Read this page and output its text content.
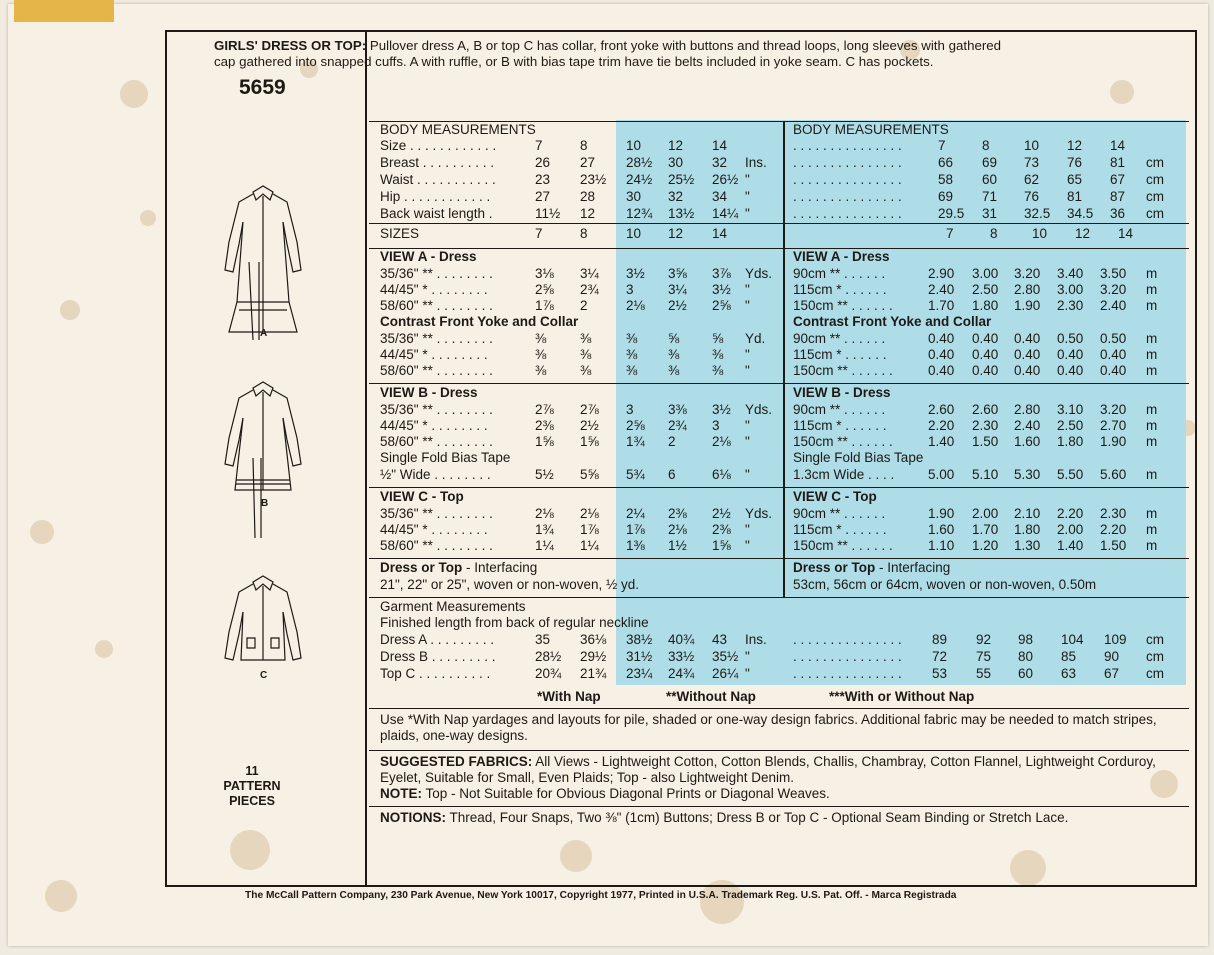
5659
A
B
C
11
PATTERN
PIECES
GIRLS' DRESS OR TOP: Pullover dress A, B or top C has collar, front yoke with buttons and thread loops, long sleeves with gathered cap gathered into snapped cuffs. A with ruffle, or B with bias tape trim have tie belts included in yoke seam. C has pockets.
BODY MEASUREMENTS	BODY MEASUREMENTS
Size . . . . . . . . . . . .	7	8	10 12 14
Breast . . . . . . . . . .	26 27 28½ 30 32 Ins.
Waist . . . . . . . . . . .	23 23½ 24½ 25½ 26½ "
Hip . . . . . . . . . . . .	27 28 30 32 34 "
Back waist length .	11½ 12 12¾ 13½ 14¼ "
. . . . . . . . . . . . . . .	7	8	10 12 14
. . . . . . . . . . . . . . .	66 69 73 76 81 cm
. . . . . . . . . . . . . . .	58 60 62 65 67 cm
. . . . . . . . . . . . . . .	69 71 76 81 87 cm
. . . . . . . . . . . . . . .	29.5 31 32.5 34.5 36 cm
SIZES	7	7
8	8
10	10
12	12
14	14
VIEW A - Dress	VIEW A - Dress
35/36" ** . . . . . . . .	3⅛ 3¼ 3½ 3⅝ 3⅞ Yds. 90cm ** . . . . . .	2.90 3.00 3.20 3.40 3.50 m
44/45" * . . . . . . . .	2⅝ 2¾ 3	3¼ 3½ "	115cm * . . . . . .	2.40 2.50 2.80 3.00 3.20 m
58/60" ** . . . . . . . .	1⅞ 2	2⅛ 2½ 2⅝ "	150cm ** . . . . . .	1.70 1.80 1.90 2.30 2.40 m
Contrast Front Yoke and Collar	Contrast Front Yoke and Collar
35/36" ** . . . . . . . .	⅜ ⅜	⅜ ⅝ ⅝ Yd. 90cm ** . . . . . .	0.40 0.40 0.40 0.50 0.50 m
44/45" * . . . . . . . .	⅜ ⅜	⅜ ⅜ ⅜ "	115cm * . . . . . .	0.40 0.40 0.40 0.40 0.40 m
58/60" ** . . . . . . . .	⅜ ⅜	⅜ ⅜ ⅜ "	150cm ** . . . . . .	0.40 0.40 0.40 0.40 0.40 m
VIEW B - Dress	VIEW B - Dress
35/36" ** . . . . . . . .	2⅞ 2⅞ 3	3⅜ 3½ Yds. 90cm ** . . . . . .	2.60 2.60 2.80 3.10 3.20 m
44/45" * . . . . . . . .	2⅜ 2½ 2⅝ 2¾ 3 "	115cm * . . . . . .	2.20 2.30 2.40 2.50 2.70 m
58/60" ** . . . . . . . .	1⅝ 1⅝ 1¾ 2	2⅛ "	150cm ** . . . . . .	1.40 1.50 1.60 1.80 1.90 m
Single Fold Bias Tape	Single Fold Bias Tape
½" Wide . . . . . . . .	5½ 5⅝ 5¾ 6	6⅛ "	1.3cm Wide . . . . 5.00 5.10 5.30 5.50 5.60 m
VIEW C - Top	VIEW C - Top
35/36" ** . . . . . . . .	2⅛ 2⅛ 2¼ 2⅜ 2½ Yds. 90cm ** . . . . . .	1.90 2.00 2.10 2.20 2.30 m
44/45" * . . . . . . . .	1¾ 1⅞ 1⅞ 2⅛ 2⅜ "	115cm * . . . . . .	1.60 1.70 1.80 2.00 2.20 m
58/60" ** . . . . . . . .	1¼ 1¼ 1⅜ 1½ 1⅝ "	150cm ** . . . . . .	1.10 1.20 1.30 1.40 1.50 m
Dress or Top - Interfacing
21", 22" or 25", woven or non-woven, ½ yd.
Dress or Top - Interfacing
53cm, 56cm or 64cm, woven or non-woven, 0.50m
Garment Measurements
Finished length from back of regular neckline
Dress A . . . . . . . . .	35 36⅛ 38½ 40¾ 43 Ins. . . . . . . . . . . . . . . . 89 92 98 104 109 cm
Dress B . . . . . . . . .	28½ 29½ 31½ 33½ 35½ "	. . . . . . . . . . . . . . . 72 75 80 85 90 cm
Top C . . . . . . . . . .	20¾ 21¾ 23¼ 24¾ 26¼ "	. . . . . . . . . . . . . . . 53 55 60 63 67 cm
*With Nap	**Without Nap	***With or Without Nap
Use *With Nap yardages and layouts for pile, shaded or one-way design fabrics. Additional fabric may be needed to match stripes, plaids, one-way designs.
SUGGESTED FABRICS: All Views - Lightweight Cotton, Cotton Blends, Challis, Chambray, Cotton Flannel, Lightweight Corduroy, Eyelet, Suitable for Small, Even Plaids; Top - also Lightweight Denim.
NOTE: Top - Not Suitable for Obvious Diagonal Prints or Diagonal Weaves.
NOTIONS: Thread, Four Snaps, Two ⅜" (1cm) Buttons; Dress B or Top C - Optional Seam Binding or Stretch Lace.
The McCall Pattern Company, 230 Park Avenue, New York 10017, Copyright 1977, Printed in U.S.A. Trademark Reg. U.S. Pat. Off. - Marca Registrada
